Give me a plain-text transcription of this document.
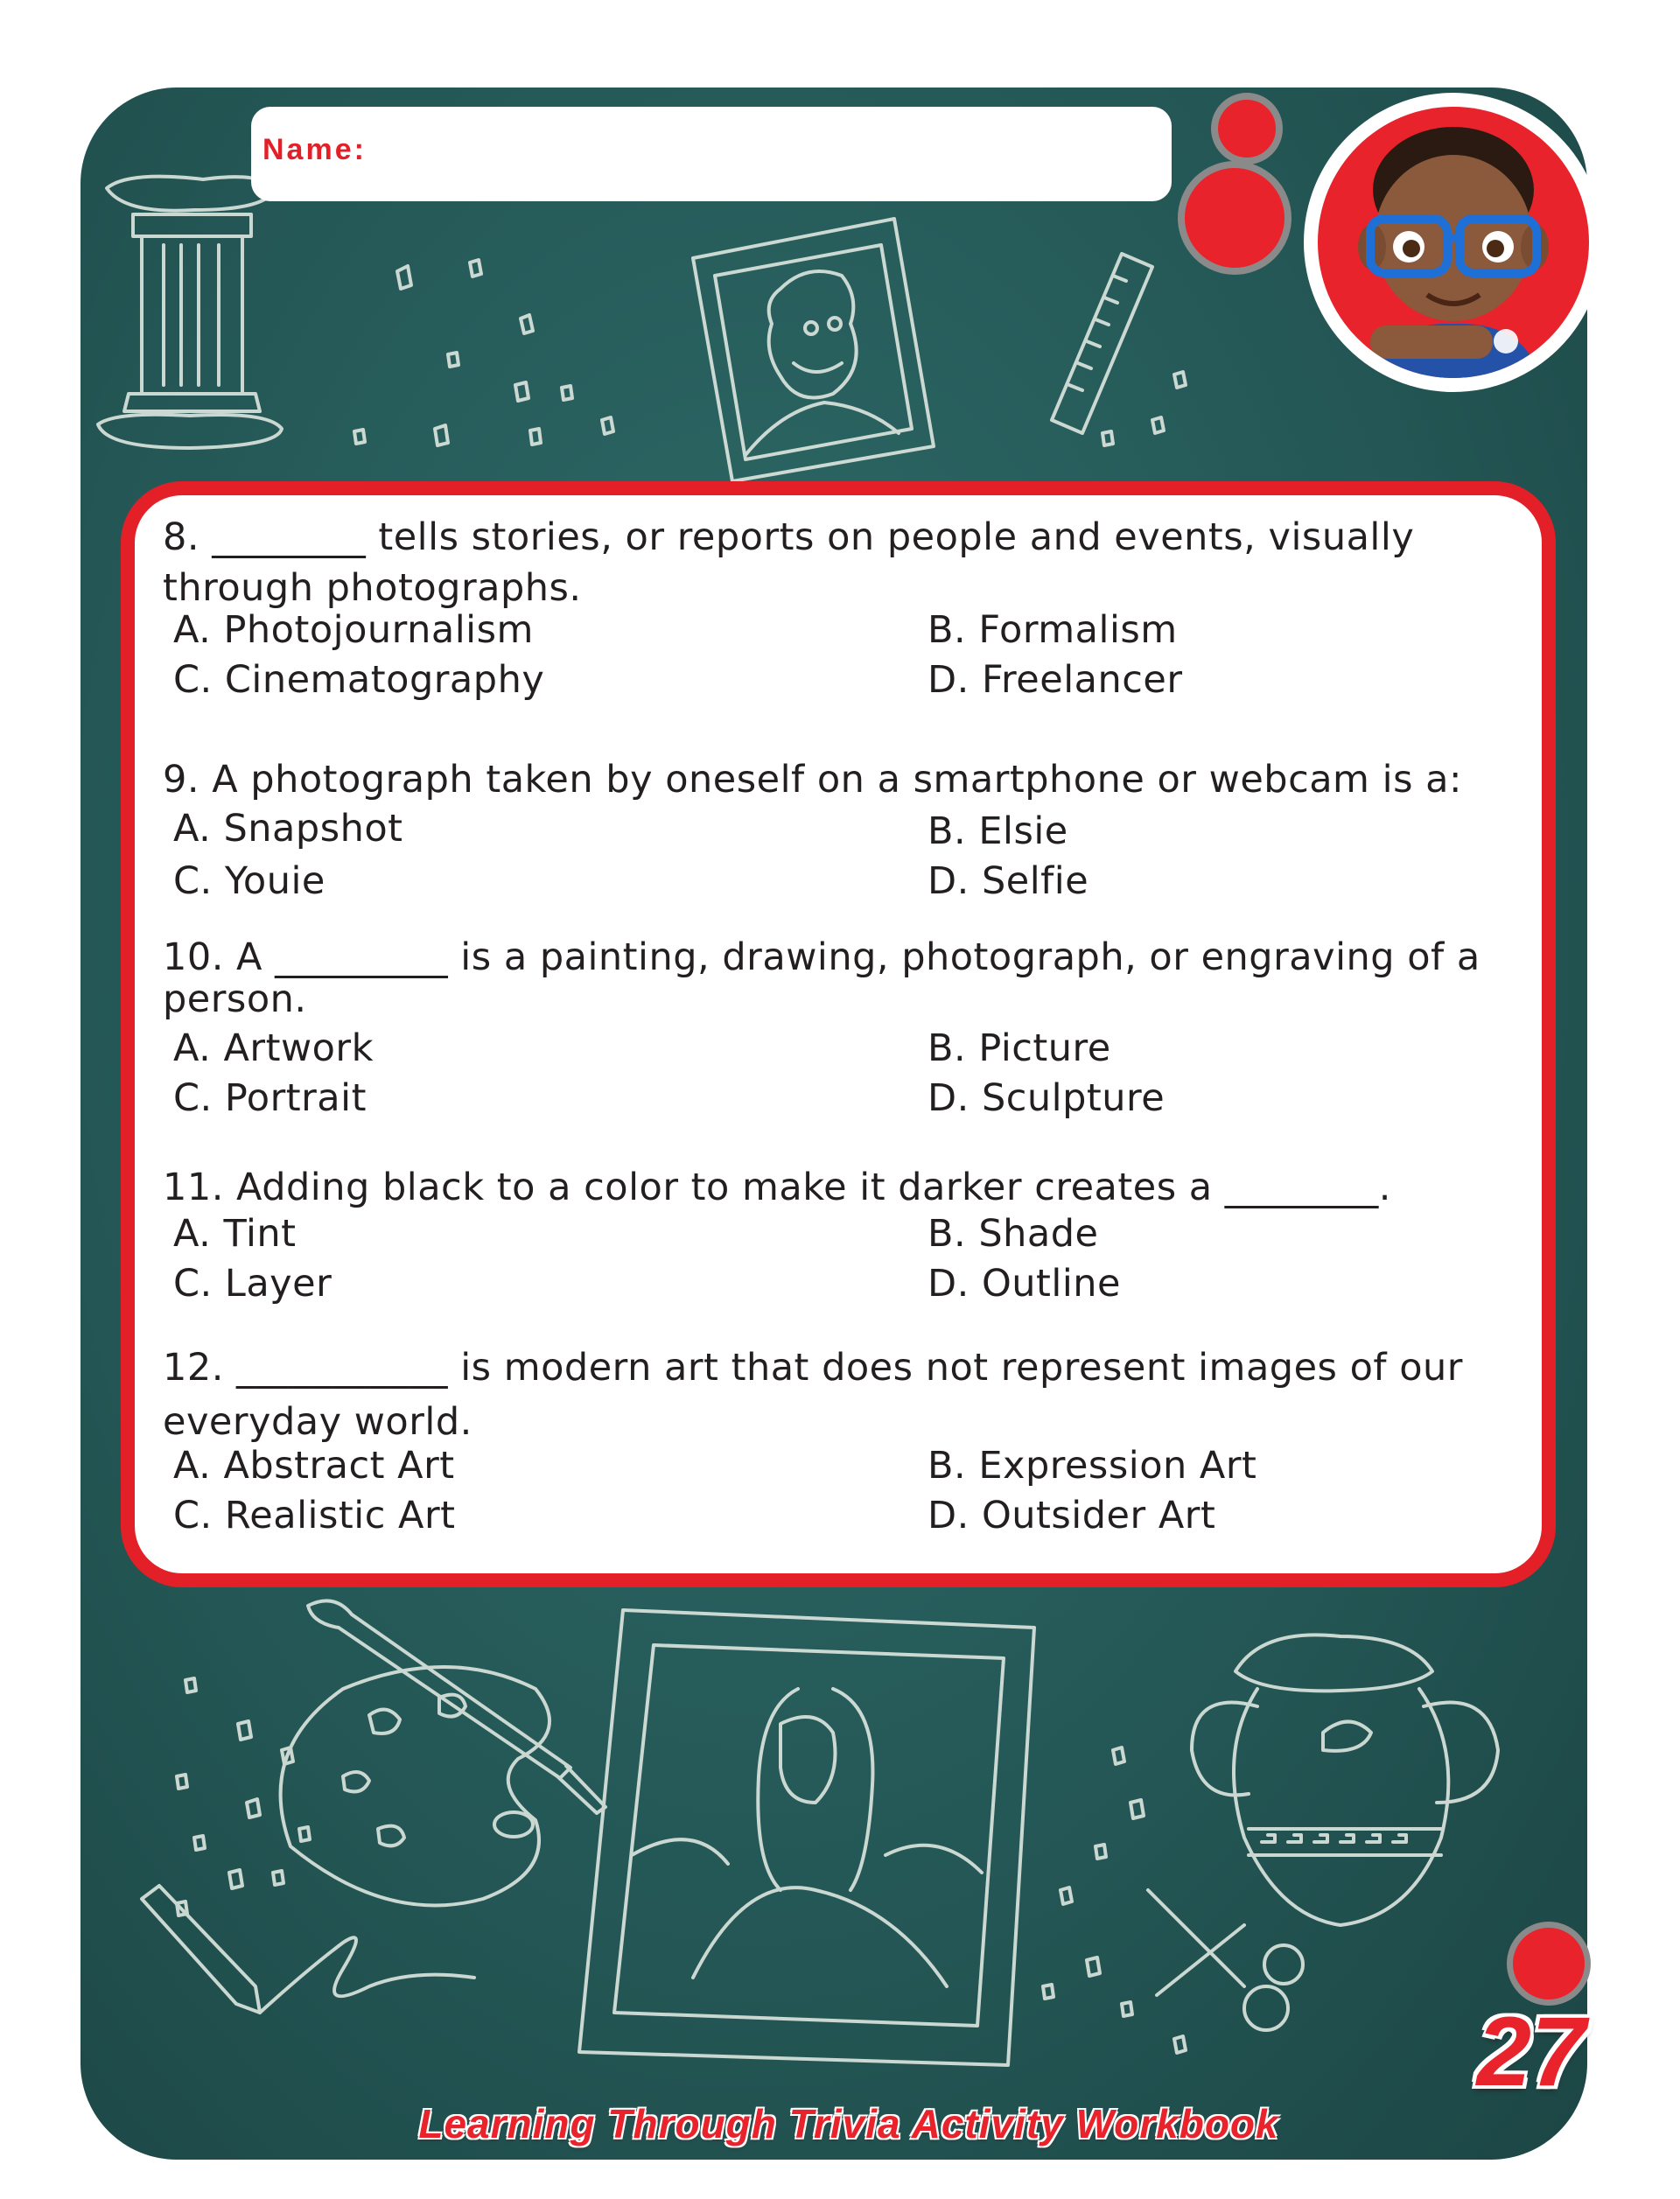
Name:
8. ________ tells stories, or reports on people and events, visually through photographs.
A. Photojournalism	B. Formalism
C. Cinematography	D. Freelancer
9. A photograph taken by oneself on a smartphone or webcam is a:
A. Snapshot	B. Elsie
C. Youie	D. Selfie
10. A _________ is a painting, drawing, photograph, or engraving of a person.
A. Artwork	B. Picture
C. Portrait	D. Sculpture
11. Adding black to a color to make it darker creates a ________.
A. Tint	B. Shade
C. Layer	D. Outline
12. ___________ is modern art that does not represent images of our everyday world.
A. Abstract Art	B. Expression Art
C. Realistic Art	D. Outsider Art
27
Learning Through Trivia Activity Workbook
